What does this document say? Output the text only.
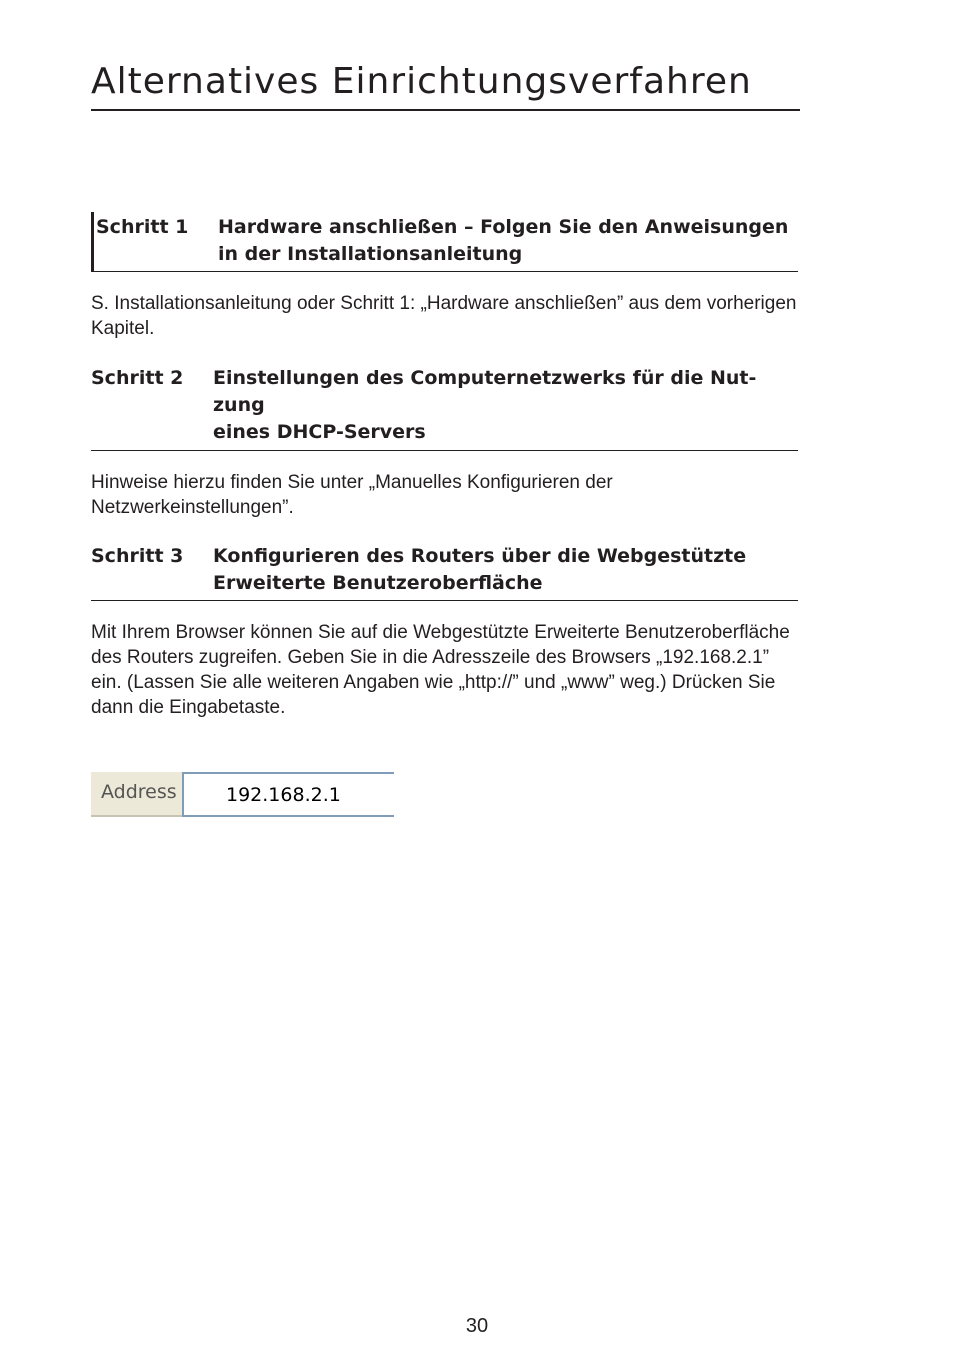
Alternatives Einrichtungsverfahren
Schritt 1 Hardware anschließen – Folgen Sie den Anweisungen
in der Installationsanleitung

S. Installationsanleitung oder Schritt 1: „Hardware anschließen” aus dem vorherigen Kapitel.

Schritt 2 Einstellungen des Computernetzwerks für die Nut-
zung
eines DHCP-Servers

Hinweise hierzu finden Sie unter „Manuelles Konfigurieren der Netzwerkeinstellungen”.

Schritt 3 Konfigurieren des Routers über die Webgestützte
Erweiterte Benutzeroberfläche

Mit Ihrem Browser können Sie auf die Webgestützte Erweiterte Benutzeroberfläche des Routers zugreifen. Geben Sie in die Adresszeile des Browsers „192.168.2.1” ein. (Lassen Sie alle weiteren Angaben wie „http://” und „www” weg.) Drücken Sie dann die Eingabetaste.

Address	192.168.2.1
30
